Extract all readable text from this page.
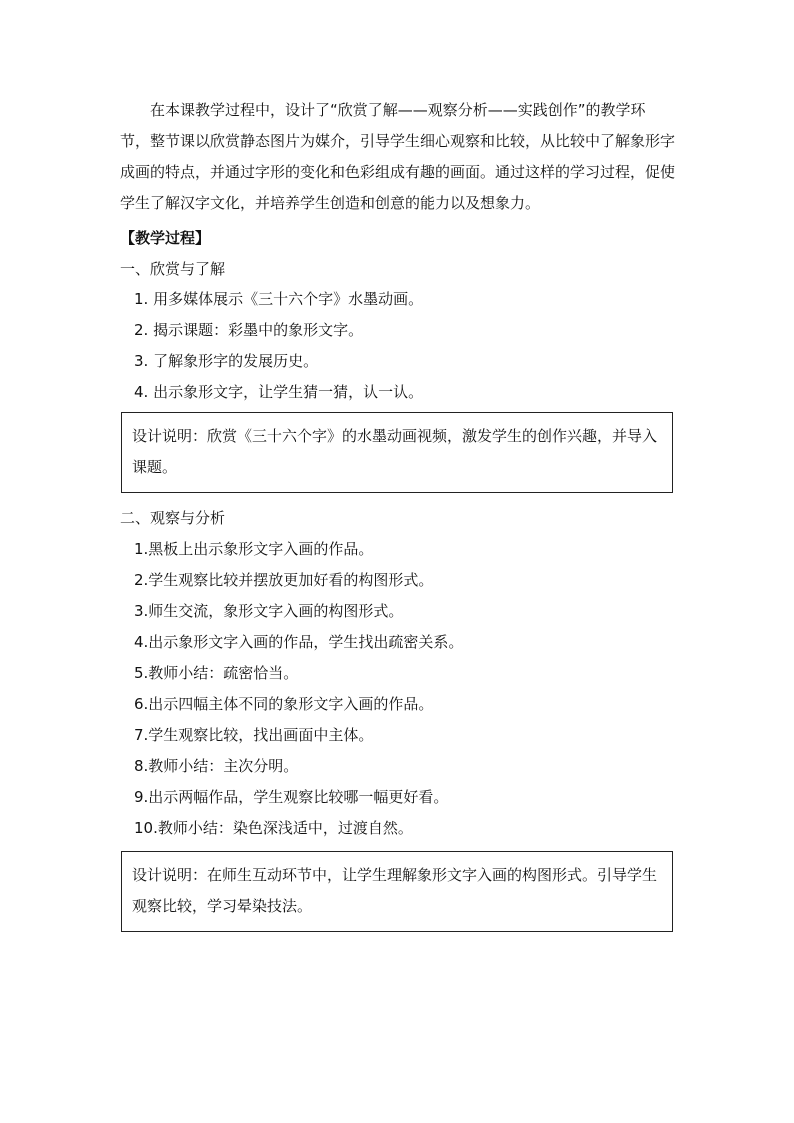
在本课教学过程中，设计了“欣赏了解——观察分析——实践创作”的教学环节，整节课以欣赏静态图片为媒介，引导学生细心观察和比较，从比较中了解象形字成画的特点，并通过字形的变化和色彩组成有趣的画面。通过这样的学习过程，促使学生了解汉字文化，并培养学生创造和创意的能力以及想象力。

【教学过程】

一、欣赏与了解

1. 用多媒体展示《三十六个字》水墨动画。
2. 揭示课题：彩墨中的象形文字。
3. 了解象形字的发展历史。
4. 出示象形文字，让学生猜一猜，认一认。
设计说明：欣赏《三十六个字》的水墨动画视频，激发学生的创作兴趣，并导入课题。

二、观察与分析

1.黑板上出示象形文字入画的作品。
2.学生观察比较并摆放更加好看的构图形式。
3.师生交流，象形文字入画的构图形式。
4.出示象形文字入画的作品，学生找出疏密关系。
5.教师小结：疏密恰当。
6.出示四幅主体不同的象形文字入画的作品。
7.学生观察比较，找出画面中主体。
8.教师小结：主次分明。
9.出示两幅作品，学生观察比较哪一幅更好看。
10.教师小结：染色深浅适中，过渡自然。
设计说明：在师生互动环节中，让学生理解象形文字入画的构图形式。引导学生观察比较，学习晕染技法。
